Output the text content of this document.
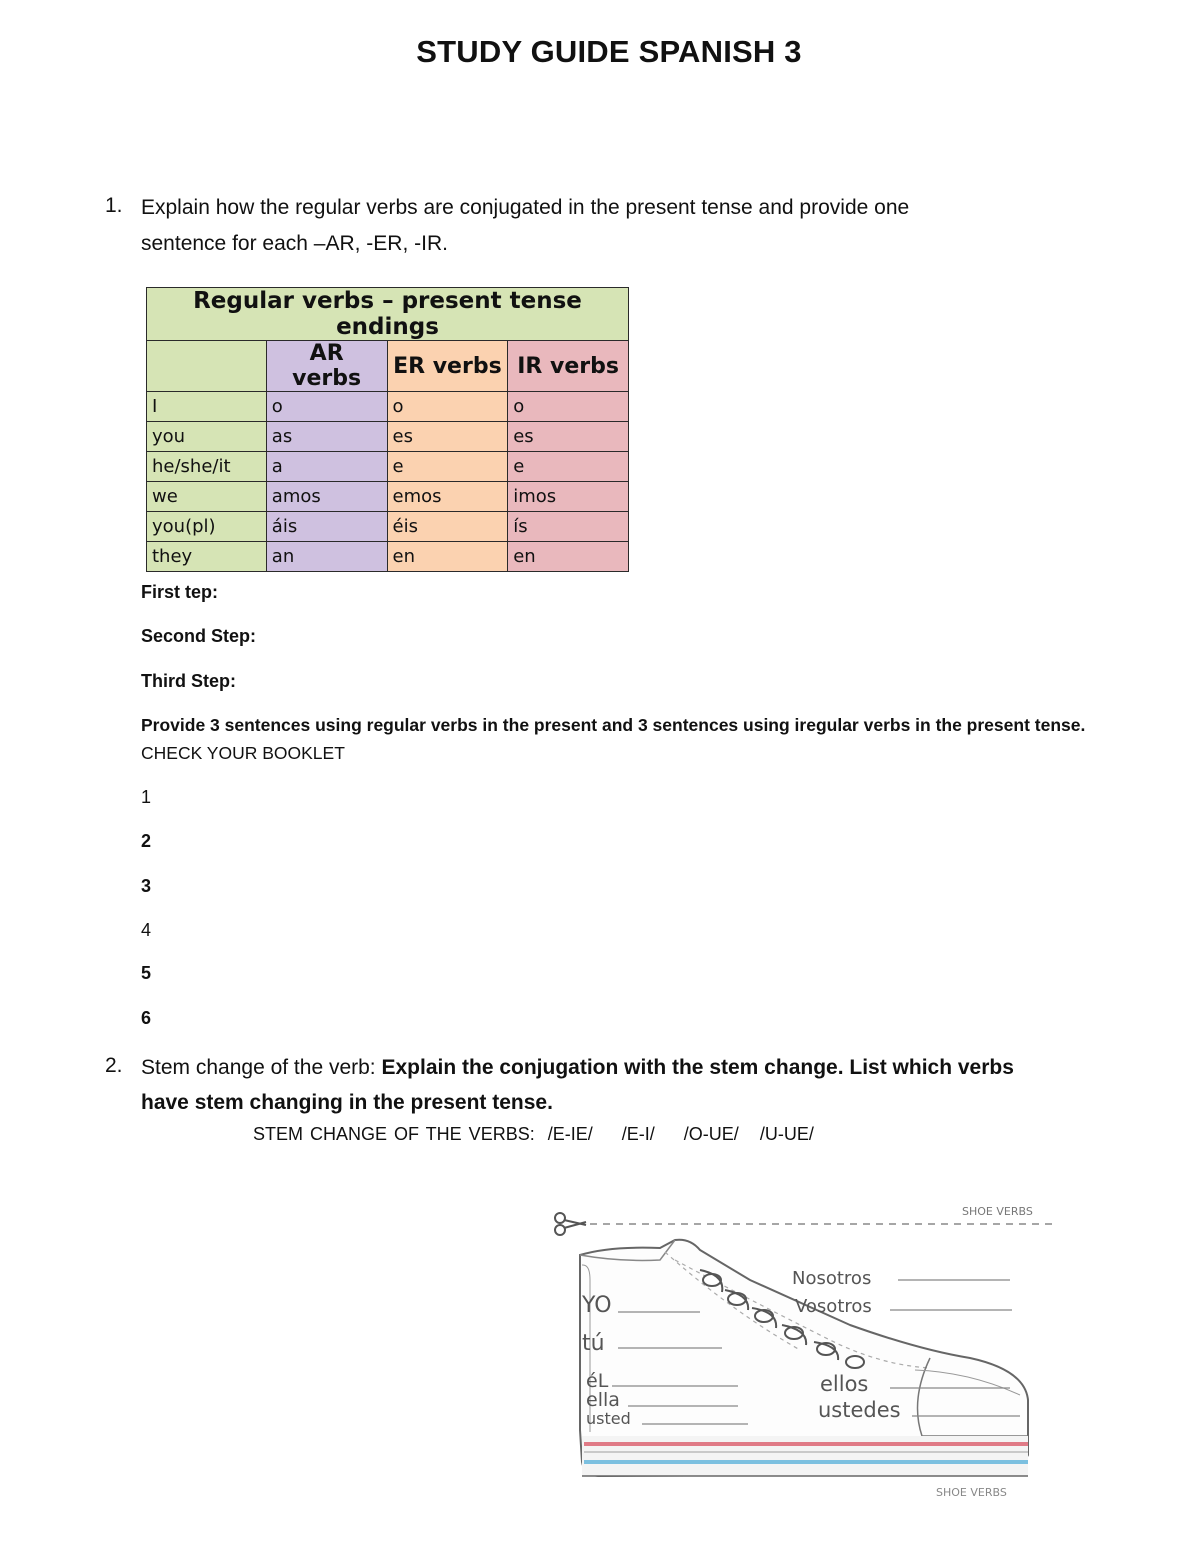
STUDY GUIDE SPANISH 3
1. Explain how the regular verbs are conjugated in the present tense and provide one
sentence for each –AR, -ER, -IR.
Regular verbs – present tense endings			
	AR verbs	ER verbs	IR verbs
I	o	o	o
you	as	es	es
he/she/it	a	e	e
we	amos	emos	imos
you(pl)	áis	éis	ís
they	an	en	en
First tep:
Second Step:
Third Step:
Provide 3 sentences using regular verbs in the present and 3 sentences using iregular verbs in the present tense.
CHECK YOUR BOOKLET
1
2
3
4
5
6
2. Stem change of the verb: Explain the conjugation with the stem change. List which verbs
have stem changing in the present tense.
STEM CHANGE OF THE VERBS: /E-IE/ /E-I/ /O-UE/ /U-UE/
SHOE VERBS
YO
tú
éL
ella
usted
Nosotros
Vosotros
ellos
ustedes
SHOE VERBS
